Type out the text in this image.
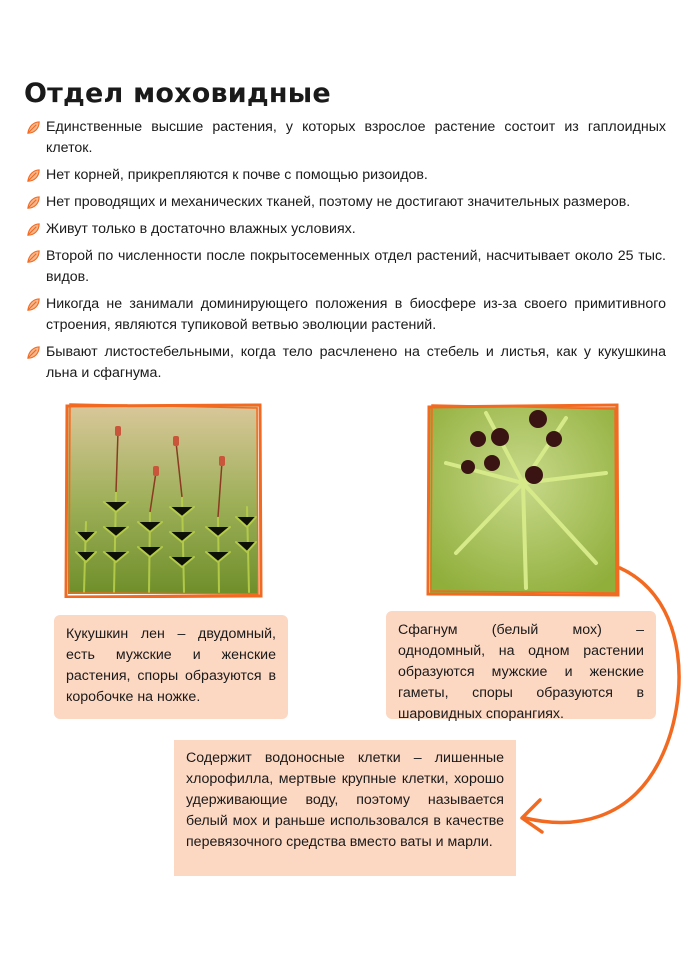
Отдел моховидные
Единственные высшие растения, у которых взрослое растение состоит из гаплоидных клеток.
Нет корней, прикрепляются к почве с помощью ризоидов.
Нет проводящих и механических тканей, поэтому не достигают значительных размеров.
Живут только в достаточно влажных условиях.
Второй по численности после покрытосеменных отдел растений, насчитывает около 25 тыс. видов.
Никогда не занимали доминирующего положения в биосфере из-за своего примитивного строения, являются тупиковой ветвью эволюции растений.
Бывают листостебельными, когда тело расчленено на стебель и листья, как у кукушкина льна и сфагнума.
Кукушкин лен – двудомный, есть мужские и женские растения, споры образуются в коробочке на ножке.
Сфагнум (белый мох) – однодомный, на одном растении образуются мужские и женские гаметы, споры образуются в шаровидных спорангиях.
Содержит водоносные клетки – лишенные хлорофилла, мертвые крупные клетки, хорошо удерживающие воду, поэтому называется белый мох и раньше использовался в качестве перевязочного средства вместо ваты и марли.
